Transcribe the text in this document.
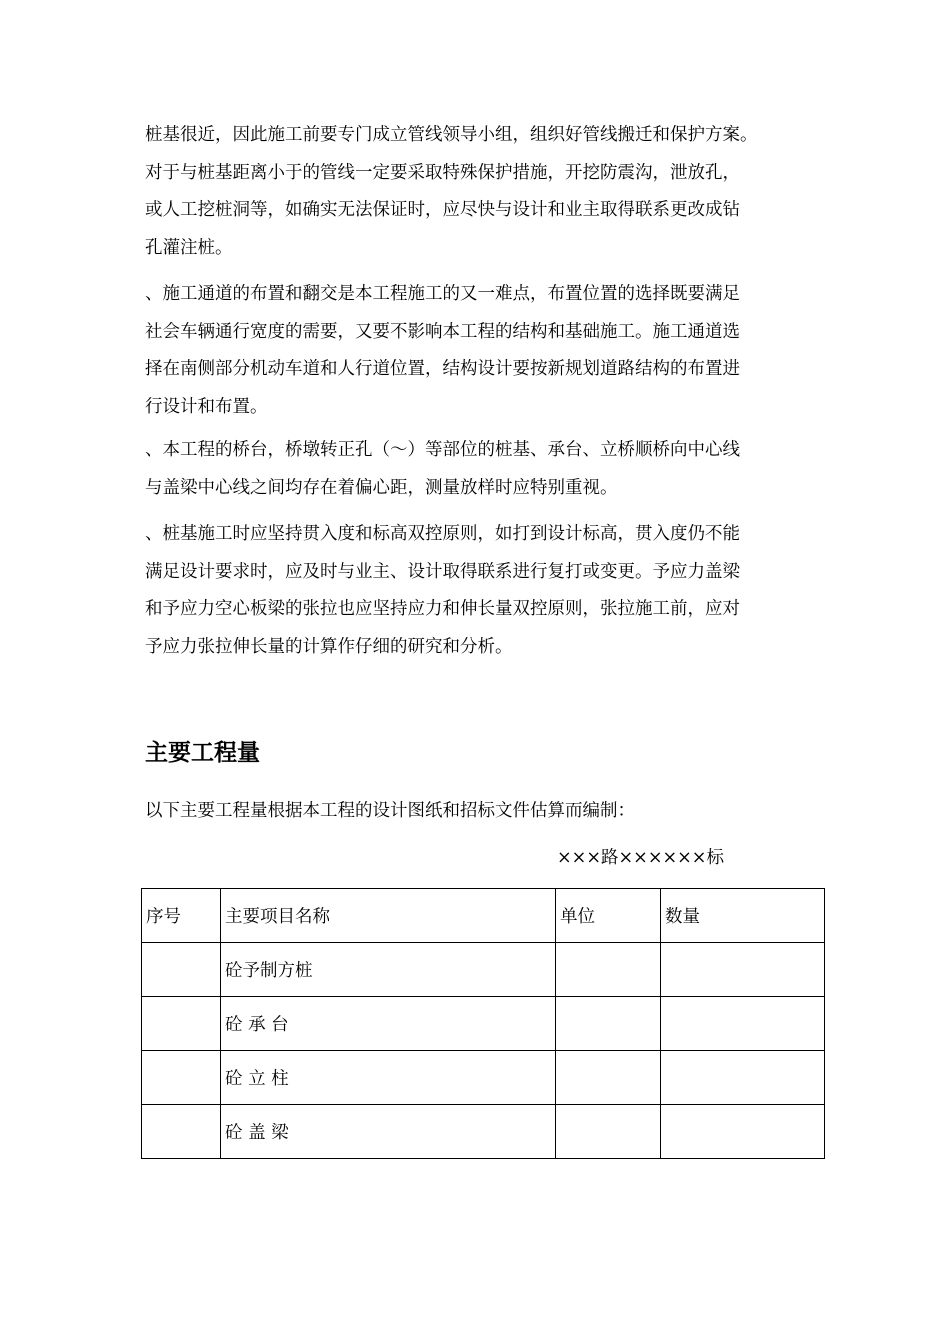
桩基很近，因此施工前要专门成立管线领导小组，组织好管线搬迁和保护方案。
对于与桩基距离小于的管线一定要采取特殊保护措施，开挖防震沟，泄放孔，
或人工挖桩洞等，如确实无法保证时，应尽快与设计和业主取得联系更改成钻
孔灌注桩。

、施工通道的布置和翻交是本工程施工的又一难点，布置位置的选择既要满足
社会车辆通行宽度的需要，又要不影响本工程的结构和基础施工。施工通道选
择在南侧部分机动车道和人行道位置，结构设计要按新规划道路结构的布置进
行设计和布置。

、本工程的桥台，桥墩转正孔（～）等部位的桩基、承台、立桥顺桥向中心线
与盖梁中心线之间均存在着偏心距，测量放样时应特别重视。

、桩基施工时应坚持贯入度和标高双控原则，如打到设计标高，贯入度仍不能
满足设计要求时，应及时与业主、设计取得联系进行复打或变更。予应力盖梁
和予应力空心板梁的张拉也应坚持应力和伸长量双控原则，张拉施工前，应对
予应力张拉伸长量的计算作仔细的研究和分析。

主要工程量

以下主要工程量根据本工程的设计图纸和招标文件估算而编制：

×××路××××××标

序号	主要项目名称	单位	数量
	砼予制方桩		
	砼 承 台		
	砼 立 柱		
	砼 盖 梁		
